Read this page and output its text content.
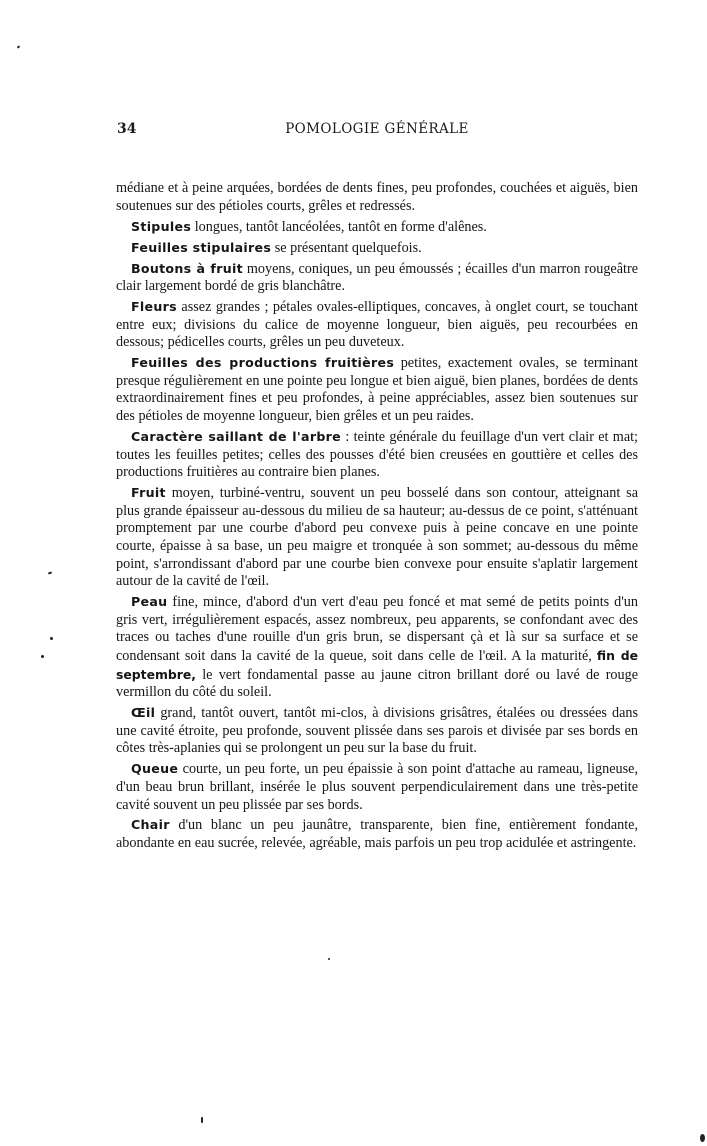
34	POMOLOGIE GÉNÉRALE

médiane et à peine arquées, bordées de dents fines, peu profondes, couchées et aiguës, bien soutenues sur des pétioles courts, grêles et redressés.

Stipules longues, tantôt lancéolées, tantôt en forme d'alênes.

Feuilles stipulaires se présentant quelquefois.

Boutons à fruit moyens, coniques, un peu émoussés ; écailles d'un marron rougeâtre clair largement bordé de gris blanchâtre.

Fleurs assez grandes ; pétales ovales-elliptiques, concaves, à onglet court, se touchant entre eux; divisions du calice de moyenne longueur, bien aiguës, peu recourbées en dessous; pédicelles courts, grêles un peu duveteux.

Feuilles des productions fruitières petites, exactement ovales, se terminant presque régulièrement en une pointe peu longue et bien aiguë, bien planes, bordées de dents extraordinairement fines et peu profondes, à peine appréciables, assez bien soutenues sur des pétioles de moyenne longueur, bien grêles et un peu raides.

Caractère saillant de l'arbre : teinte générale du feuillage d'un vert clair et mat; toutes les feuilles petites; celles des pousses d'été bien creusées en gouttière et celles des productions fruitières au contraire bien planes.

Fruit moyen, turbiné-ventru, souvent un peu bosselé dans son contour, atteignant sa plus grande épaisseur au-dessous du milieu de sa hauteur; au-dessus de ce point, s'atténuant promptement par une courbe d'abord peu convexe puis à peine concave en une pointe courte, épaisse à sa base, un peu maigre et tronquée à son sommet; au-dessous du même point, s'arrondissant d'abord par une courbe bien convexe pour ensuite s'aplatir largement autour de la cavité de l'œil.

Peau fine, mince, d'abord d'un vert d'eau peu foncé et mat semé de petits points d'un gris vert, irrégulièrement espacés, assez nombreux, peu apparents, se confondant avec des traces ou taches d'une rouille d'un gris brun, se dispersant çà et là sur sa surface et se condensant soit dans la cavité de la queue, soit dans celle de l'œil. A la maturité, fin de septembre, le vert fondamental passe au jaune citron brillant doré ou lavé de rouge vermillon du côté du soleil.

Œil grand, tantôt ouvert, tantôt mi-clos, à divisions grisâtres, étalées ou dressées dans une cavité étroite, peu profonde, souvent plissée dans ses parois et divisée par ses bords en côtes très-aplanies qui se prolongent un peu sur la base du fruit.

Queue courte, un peu forte, un peu épaissie à son point d'attache au rameau, ligneuse, d'un beau brun brillant, insérée le plus souvent perpendiculairement dans une très-petite cavité souvent un peu plissée par ses bords.

Chair d'un blanc un peu jaunâtre, transparente, bien fine, entièrement fondante, abondante en eau sucrée, relevée, agréable, mais parfois un peu trop acidulée et astringente.
